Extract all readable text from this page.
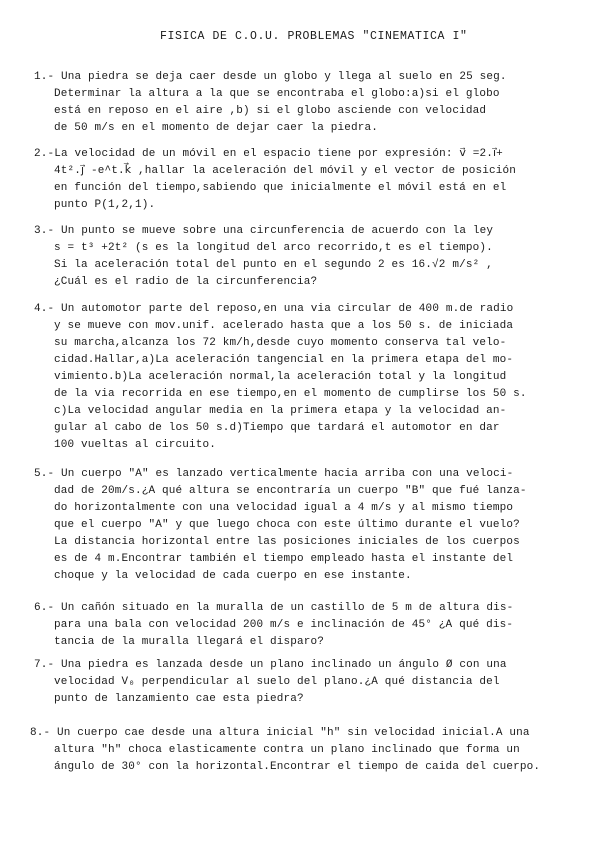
FISICA DE C.O.U. PROBLEMAS "CINEMATICA I"
1.- Una piedra se deja caer desde un globo y llega al suelo en 25 seg.
Determinar la altura a la que se encontraba el globo:a)si el globo
está en reposo en el aire ,b) si el globo asciende con velocidad
de 50 m/s en el momento de dejar caer la piedra.
2.-La velocidad de un móvil en el espacio tiene por expresión: v⃗ =2.i⃗+
4t².j⃗ -e^t.k⃗ ,hallar la aceleración del móvil y el vector de posición
en función del tiempo,sabiendo que inicialmente el móvil está en el
punto P(1,2,1).
3.- Un punto se mueve sobre una circunferencia de acuerdo con la ley
s = t³ +2t² (s es la longitud del arco recorrido,t es el tiempo).
Si la aceleración total del punto en el segundo 2 es 16.√2 m/s² ,
¿Cuál es el radio de la circunferencia?
4.- Un automotor parte del reposo,en una via circular de 400 m.de radio
y se mueve con mov.unif. acelerado hasta que a los 50 s. de iniciada
su marcha,alcanza los 72 km/h,desde cuyo momento conserva tal velo-
cidad.Hallar,a)La aceleración tangencial en la primera etapa del mo-
vimiento.b)La aceleración normal,la aceleración total y la longitud
de la via recorrida en ese tiempo,en el momento de cumplirse los 50 s.
c)La velocidad angular media en la primera etapa y la velocidad an-
gular al cabo de los 50 s.d)Tiempo que tardará el automotor en dar
100 vueltas al circuito.
5.- Un cuerpo "A" es lanzado verticalmente hacia arriba con una veloci-
dad de 20m/s.¿A qué altura se encontraría un cuerpo "B" que fué lanza-
do horizontalmente con una velocidad igual a 4 m/s y al mismo tiempo
que el cuerpo "A" y que luego choca con este último durante el vuelo?
La distancia horizontal entre las posiciones iniciales de los cuerpos
es de 4 m.Encontrar también el tiempo empleado hasta el instante del
choque y la velocidad de cada cuerpo en ese instante.
6.- Un cañón situado en la muralla de un castillo de 5 m de altura dis-
para una bala con velocidad 200 m/s e inclinación de 45° ¿A qué dis-
tancia de la muralla llegará el disparo?
7.- Una piedra es lanzada desde un plano inclinado un ángulo Ø con una
velocidad V₀ perpendicular al suelo del plano.¿A qué distancia del
punto de lanzamiento cae esta piedra?
8.- Un cuerpo cae desde una altura inicial "h" sin velocidad inicial.A una
altura "h" choca elasticamente contra un plano inclinado que forma un
ángulo de 30° con la horizontal.Encontrar el tiempo de caida del cuerpo.
